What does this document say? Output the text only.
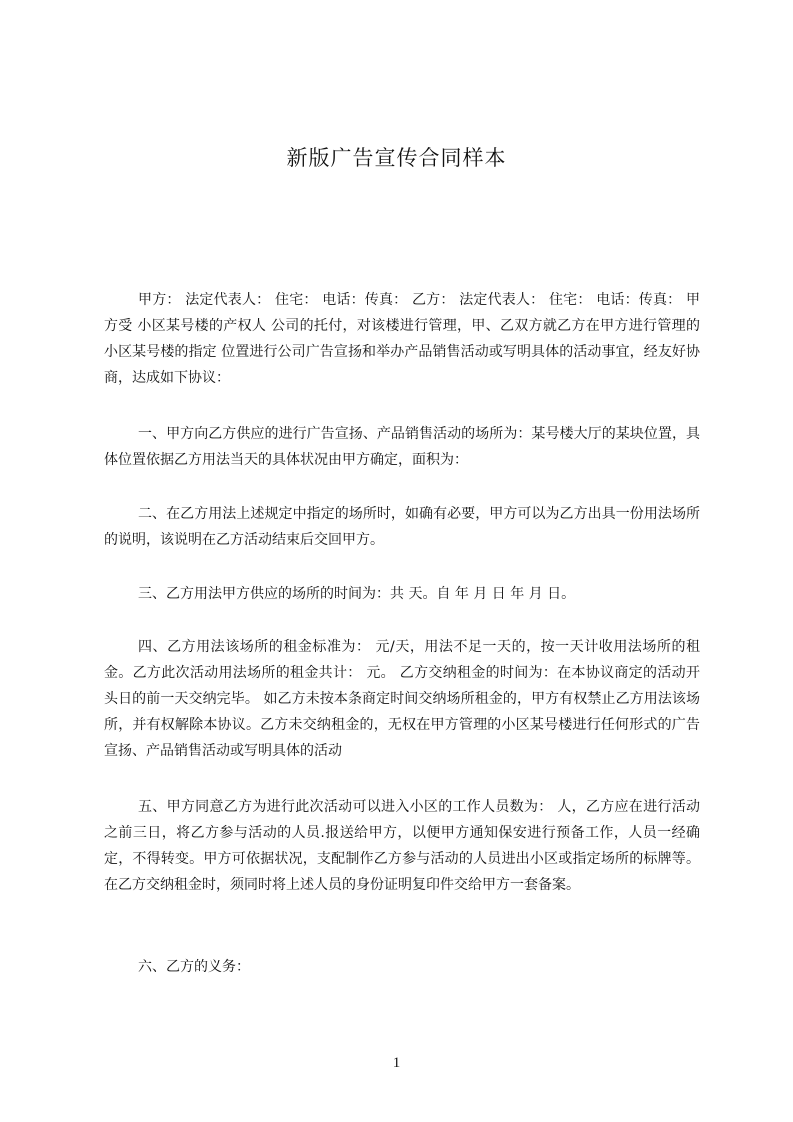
新版广告宣传合同样本

甲方： 法定代表人： 住宅： 电话：传真： 乙方： 法定代表人： 住宅： 电话：传真： 甲方受 小区某号楼的产权人 公司的托付，对该楼进行管理，甲、乙双方就乙方在甲方进行管理的 小区某号楼的指定 位置进行公司广告宣扬和举办产品销售活动或写明具体的活动事宜，经友好协商，达成如下协议：

一、甲方向乙方供应的进行广告宣扬、产品销售活动的场所为：某号楼大厅的某块位置，具体位置依据乙方用法当天的具体状况由甲方确定，面积为：

二、在乙方用法上述规定中指定的场所时，如确有必要，甲方可以为乙方出具一份用法场所的说明，该说明在乙方活动结束后交回甲方。

三、乙方用法甲方供应的场所的时间为：共 天。自 年 月 日 年 月 日。

四、乙方用法该场所的租金标准为： 元/天，用法不足一天的，按一天计收用法场所的租金。乙方此次活动用法场所的租金共计： 元。 乙方交纳租金的时间为：在本协议商定的活动开头日的前一天交纳完毕。 如乙方未按本条商定时间交纳场所租金的，甲方有权禁止乙方用法该场所，并有权解除本协议。乙方未交纳租金的，无权在甲方管理的小区某号楼进行任何形式的广告宣扬、产品销售活动或写明具体的活动

五、甲方同意乙方为进行此次活动可以进入小区的工作人员数为： 人，乙方应在进行活动之前三日，将乙方参与活动的人员.报送给甲方，以便甲方通知保安进行预备工作，人员一经确定，不得转变。甲方可依据状况，支配制作乙方参与活动的人员进出小区或指定场所的标牌等。 在乙方交纳租金时，须同时将上述人员的身份证明复印件交给甲方一套备案。

六、乙方的义务：

1
